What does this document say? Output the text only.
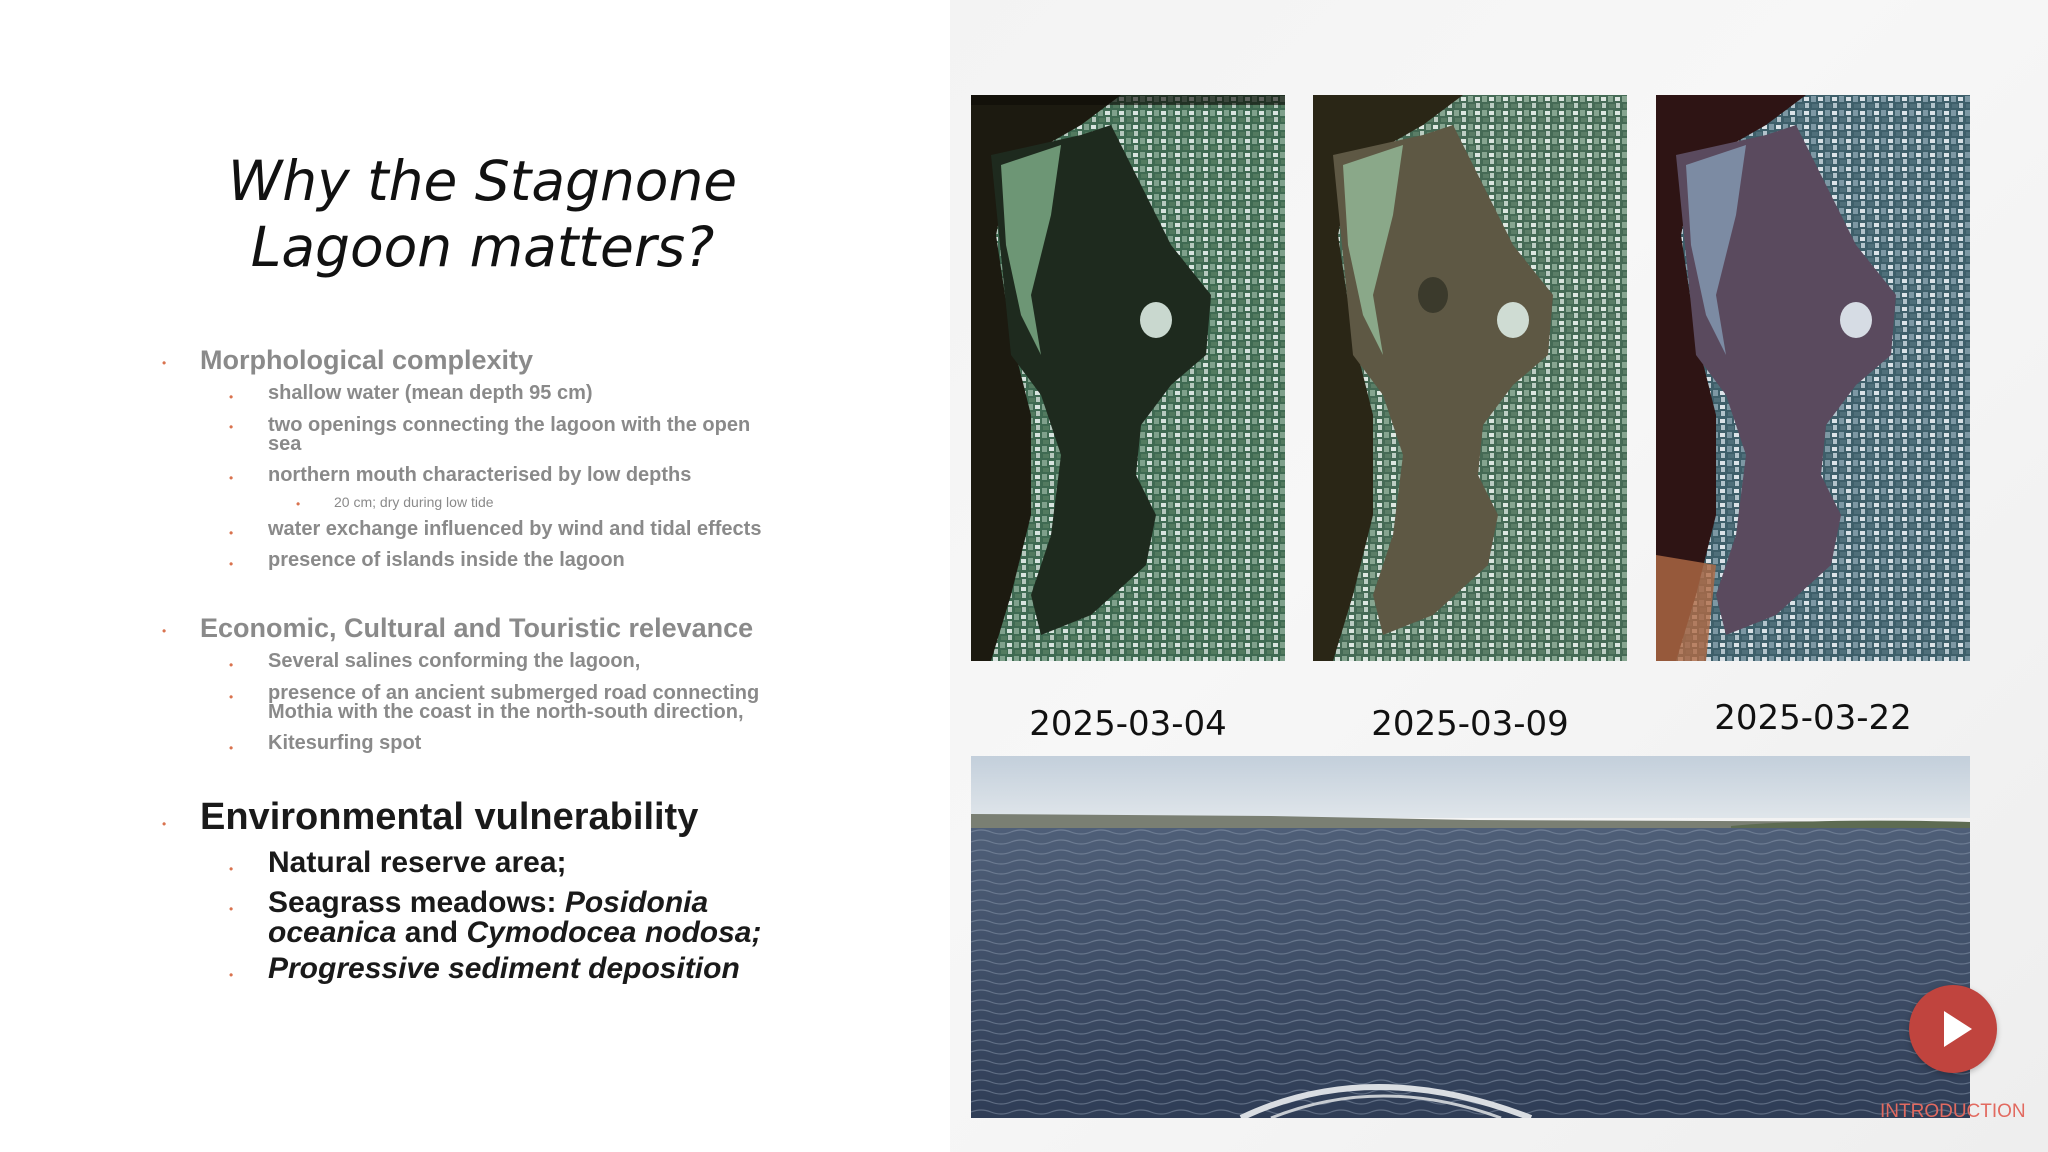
Why the Stagnone Lagoon matters?
• Morphological complexity
• shallow water (mean depth 95 cm)
• two openings connecting the lagoon with the open sea
• northern mouth characterised by low depths
• 20 cm; dry during low tide
• water exchange influenced by wind and tidal effects
• presence of islands inside the lagoon
• Economic, Cultural and Touristic relevance
• Several salines conforming the lagoon,
• presence of an ancient submerged road connecting Mothia with the coast in the north-south direction,
• Kitesurfing spot
• Environmental vulnerability
• Natural reserve area;
• Seagrass meadows: Posidonia oceanica and Cymodocea nodosa;
• Progressive sediment deposition
2025-03-04	2025-03-09	2025-03-22
INTRODUCTION
